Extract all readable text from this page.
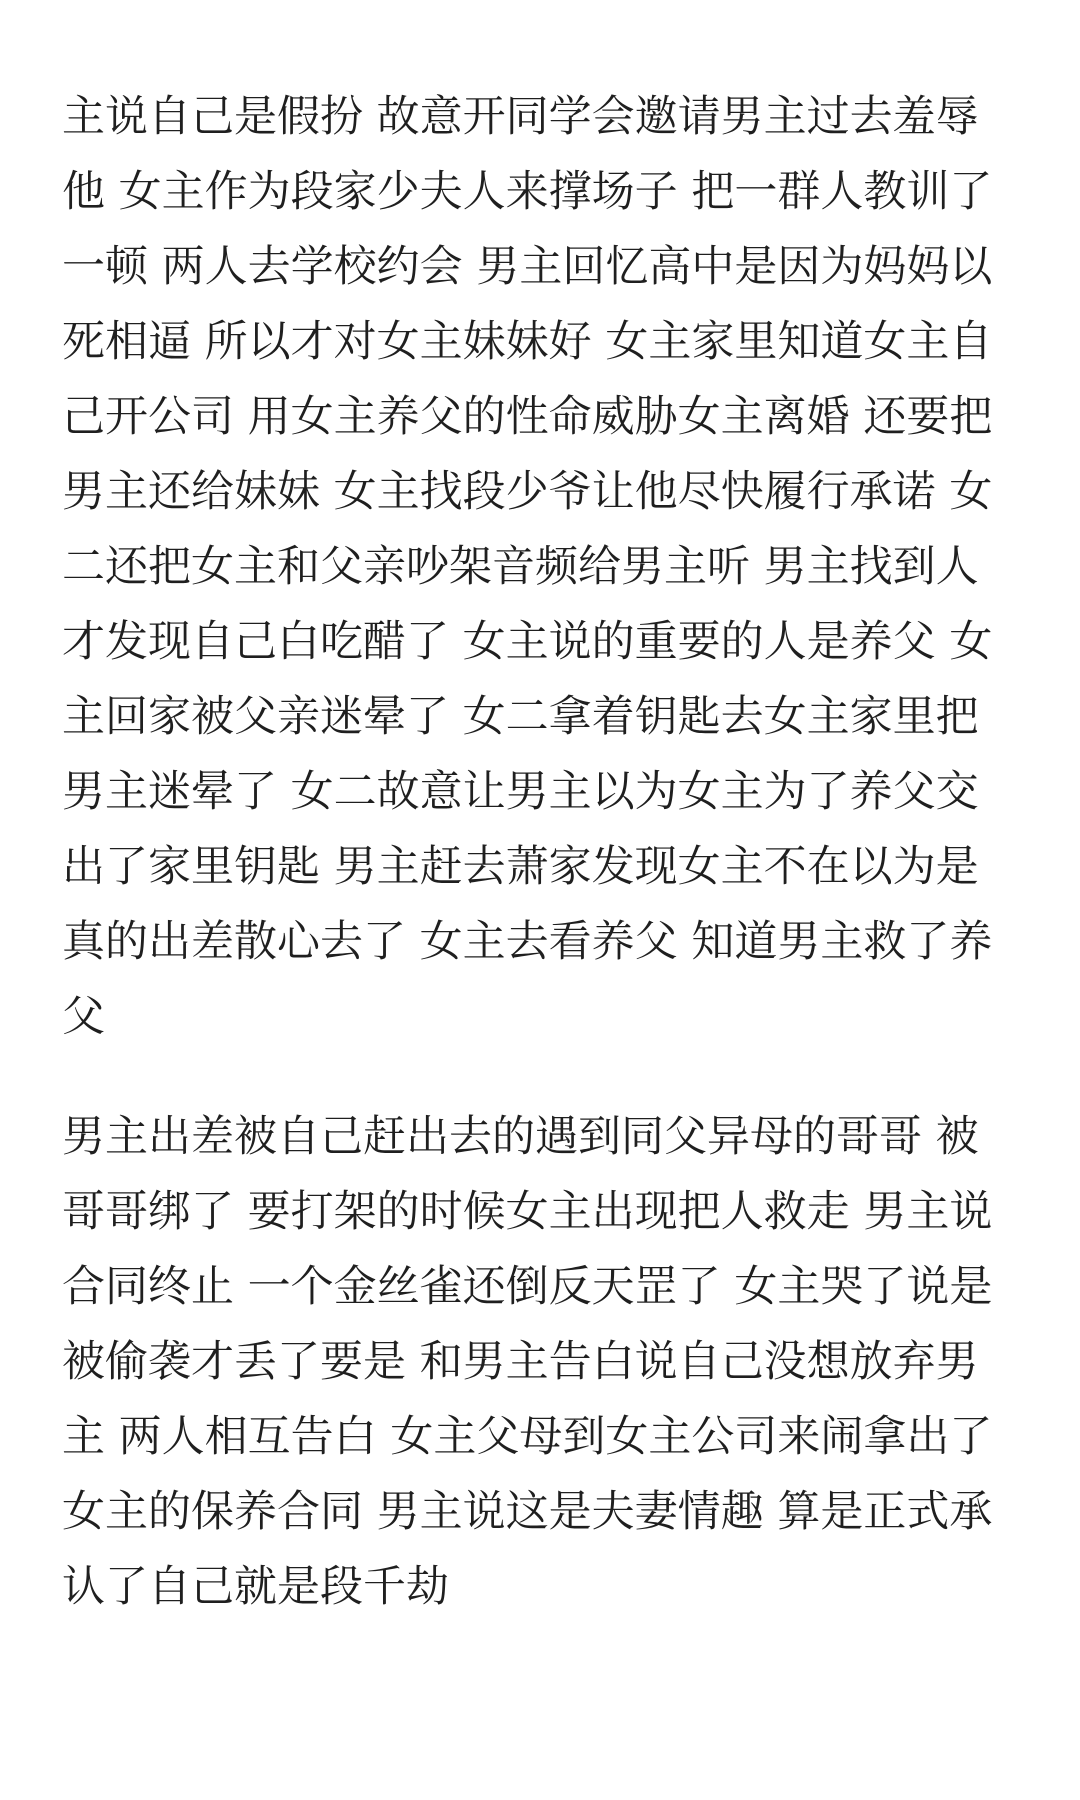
主说自己是假扮 故意开同学会邀请男主过去羞辱
他 女主作为段家少夫人来撑场子 把一群人教训了
一顿 两人去学校约会 男主回忆高中是因为妈妈以
死相逼 所以才对女主妹妹好 女主家里知道女主自
己开公司 用女主养父的性命威胁女主离婚 还要把
男主还给妹妹 女主找段少爷让他尽快履行承诺 女
二还把女主和父亲吵架音频给男主听 男主找到人
才发现自己白吃醋了 女主说的重要的人是养父 女
主回家被父亲迷晕了 女二拿着钥匙去女主家里把
男主迷晕了 女二故意让男主以为女主为了养父交
出了家里钥匙 男主赶去萧家发现女主不在以为是
真的出差散心去了 女主去看养父 知道男主救了养
父
男主出差被自己赶出去的遇到同父异母的哥哥 被
哥哥绑了 要打架的时候女主出现把人救走 男主说
合同终止 一个金丝雀还倒反天罡了 女主哭了说是
被偷袭才丢了要是 和男主告白说自己没想放弃男
主 两人相互告白 女主父母到女主公司来闹拿出了
女主的保养合同 男主说这是夫妻情趣 算是正式承
认了自己就是段千劫
